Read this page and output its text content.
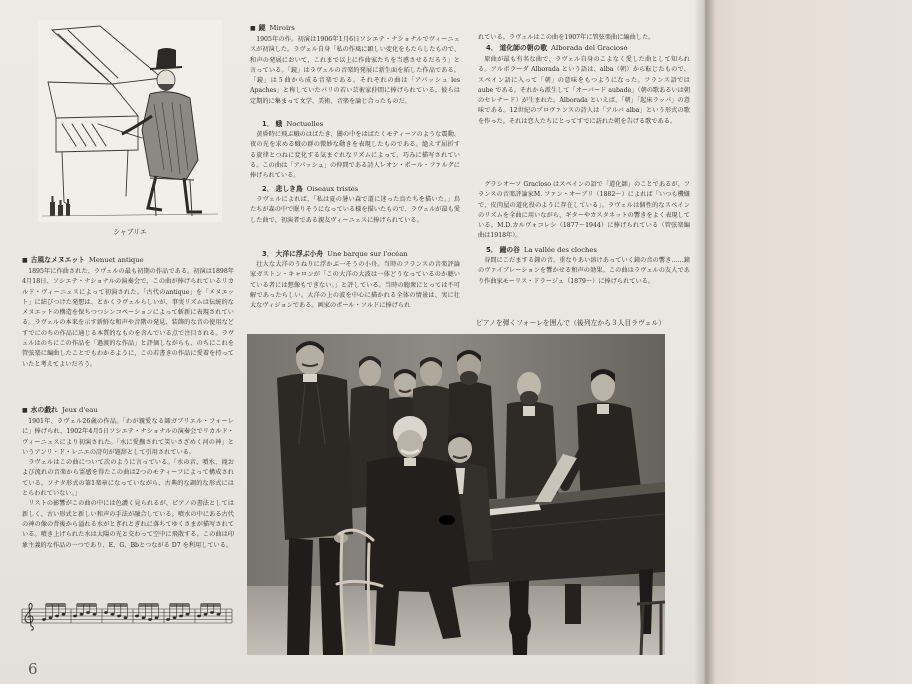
シャブリエ
■ 古風なメヌエット Menuet antique

1895年に作曲された、ラヴェルの最も初期の作品である。初演は1898年4月18日、ソシエテ・ナショナルの演奏会で、この曲が捧げられているリカルド・ヴィーニェスによって初演された。「古代のantique」を「メヌエット」に結びつけた発想は、とかくラヴェルらしいが、事実リズムは伝統的なメヌエットの構造を保ちつつシンコペーションによって斬新に表現されている。ラヴェルの本来を示す新鮮な和声や音階の発見、装飾的な音の使用などすでにのちの作品に通じる本質的なものを含んでいる点で注目される。ラヴェルはのちにこの作品を「過渡的な作品」と評価しながらも、のちにこれを管弦楽に編曲したことでもわかるように、この若書きの作品に愛着を持っていたと考えてよいだろう。

■ 水の戯れ Jeux d'eau

1901年、ラヴェル26歳の作品。「わが親愛なる師ガブリエル・フォーレに」捧げられ、1902年4月5日ソシエテ・ナショナルの演奏会でリカルド・ヴィーニェスにより初演された。「水に愛撫されて笑いさざめく河の神」というアンリ・ド・レニエの詩句が題辞として引用されている。

ラヴェルはこの曲について次のように言っている。「水の音、噴水、滝および流れの音楽から霊感を得たこの曲は2つのモティーフによって構成されている。ソナタ形式の第1楽章になっていながら、古典的な調的な形式にはとらわれていない。」

リストの影響がこの曲の中には色濃く見られるが、ピアノの書法としては新しく、古い形式と新しい和声の手法が融合している。噴水の中にある古代の神の像の背後から溢れる水がとぎれとぎれに落ちてゆくさまが描写されている。噴き上げられた水は太陽の光と交わって空中に飛散する。この曲は印象主義的な作品の一つであり、E、G、Bbとつながる D7 を利用している。

6
■ 鏡 Miroirs

1905年の作。初演は1906年1月6日ソシエテ・ナショナルでヴィーニェスが初演した。ラヴェル自身「私の作風に顕しい変化をもたらしたもので、和声の発展において、これまで以上に作曲家たちを当惑させるだろう」と言っている。「鏡」はラヴェルの音楽的発展に新生面を拓した作品である。「鏡」は５曲から成る音楽である。それぞれの曲は「アパッシュ les Apaches」と称していたパリの若い芸術家仲間に捧げられている。彼らは定期的に集まって文学、美術、音楽を論じ合ったものだ。

1． 蛾 Noctuelles

黄昏時に飛ぶ蛾のはばたき、闇の中をはばたくモティーフのような震動、夜の光を求める蛾の群の微妙な動きを表現したものである。絶えず屈折する旋律とつねに変化する気まぐれなリズムによって、巧みに描写されている。この曲は「アパッシュ」の仲間である詩人レオン・ポール・ファルグに捧げられている。

2． 悲しき鳥 Oiseaux tristes

ラヴェルによれば、「私は夏の暑い森で道に迷った鳥たちを描いた。」鳥たちが森の中で眠りそうになっている様を描いたもので、ラヴェルが最も愛した曲で、初演者である親友ヴィーニェスに捧げられている。

3． 大洋に浮ぶ小舟 Une barque sur l'océan

壮大な大洋のうねりに浮かぶ一そうの小舟。当時のフランスの音楽評論家ガストン・キャロンが「この大洋の大波は一体どうなっているのか聴いている者には想像もできない。」と評している。当時の聴衆にとっては不可解であったらしい。大洋の上の波を中心に描かれる全体の情景は、実に壮大なヴィジョンである。画家のポール・ソルドに捧げられ

れている。ラヴェルはこの曲を1907年に管弦楽曲に編曲した。

4． 道化師の朝の歌 Alborada del Gracioso

原曲が最も有名な曲で、ラヴェル自身のこよなく愛した曲として知られる。アルボラーダ Alborada という語は、alba（朝）から転じたもので、スペイン語に入って「朝」の意味をもつようになった。フランス語では aube である。それから派生して「オーバード aubade」（朝の歌あるいは朝のセレナード）が生まれた。Alborada といえば、「朝」「起床ラッパ」の意味である。12世紀のプロヴァンスの詩人は「アルバ alba」という形式の歌を作った。それは恋人たちにとってすでに訪れた朝を告げる歌である。

グラシオーソ Gracioso はスペインの語で「道化師」のことであるが、フランスの音楽評論家M. ファン・オーブリ（1882〜）によれば「いつも機嫌で、皮肉屋の道化役のように存在している」。ラヴェルは個性的なスペインのリズムを全曲に用いながら、ギターやカスタネットの響きをよく表現している。M.D.カルヴォコレシ（1877〜1944）に捧げられている（管弦楽編曲は1918年）。

5． 鐘の谷 La vallée des cloches

谷間にこだまする鐘の音、重なりあい溶けあっていく鐘の音の響き……鐘のヴァイブレーションを響かせる和声の効果。この曲はラヴェルの友人であり作曲家モーリス・ドラージュ（1879〜）に捧げられている。

ピアノを弾くフォーレを囲んで（後列左から３人目ラヴェル）
